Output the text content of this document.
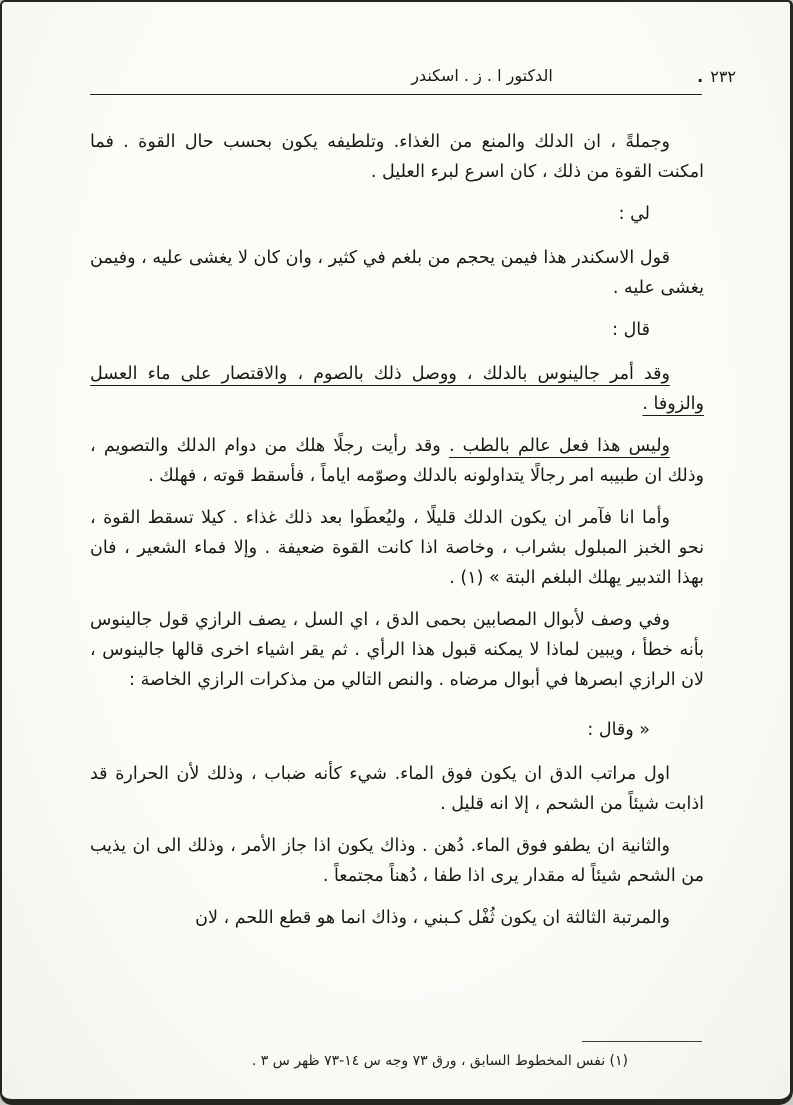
الدكتور ا . ز . اسكندر	٢٣٢.

وجملةً ، ان الدلك والمنع من الغذاء. وتلطيفه يكون بحسب حال القوة . فما امكنت القوة من ذلك ، كان اسرع لبرء العليل .

لي :

قول الاسكندر هذا فيمن يحجم من بلغم في كثير ، وان كان لا يغشى عليه ، وفيمن يغشى عليه .

قال :

وقد أمر جالينوس بالدلك ، ووصل ذلك بالصوم ، والاقتصار على ماء العسل والزوفا .

وليس هذا فعل عالم بالطب . وقد رأيت رجلًا هلك من دوام الدلك والتصويم ، وذلك ان طبيبه امر رجالًا يتداولونه بالدلك وصوّمه اياماً ، فأسقط قوته ، فهلك .

وأما انا فآمر ان يكون الدلك قليلًا ، وليُعطَوا بعد ذلك غذاء . كيلا تسقط القوة ، نحو الخبز المبلول بشراب ، وخاصة اذا كانت القوة ضعيفة . وإلا فماء الشعير ، فان بهذا التدبير يهلك البلغم البتة » (١) .

وفي وصف لأبوال المصابين بحمى الدق ، اي السل ، يصف الرازي قول جالينوس بأنه خطأ ، ويبين لماذا لا يمكنه قبول هذا الرأي . ثم يقر اشياء اخرى قالها جالينوس ، لان الرازي ابصرها في أبوال مرضاه . والنص التالي من مذكرات الرازي الخاصة :

« وقال :

اول مراتب الدق ان يكون فوق الماء. شيء كأنه ضباب ، وذلك لأن الحرارة قد اذابت شيئاً من الشحم ، إلا انه قليل .

والثانية ان يطفو فوق الماء. دُهن . وذاك يكون اذا جاز الأمر ، وذلك الى ان يذيب من الشحم شيئاً له مقدار يرى اذا طفا ، دُهناً مجتمعاً .

والمرتبة الثالثة ان يكون ثُفْل كـبني ، وذاك انما هو قطع اللحم ، لان

(١) نفس المخطوط السابق ، ورق ٧٣ وجه س ١٤-٧٣ ظهر س ٣ .
